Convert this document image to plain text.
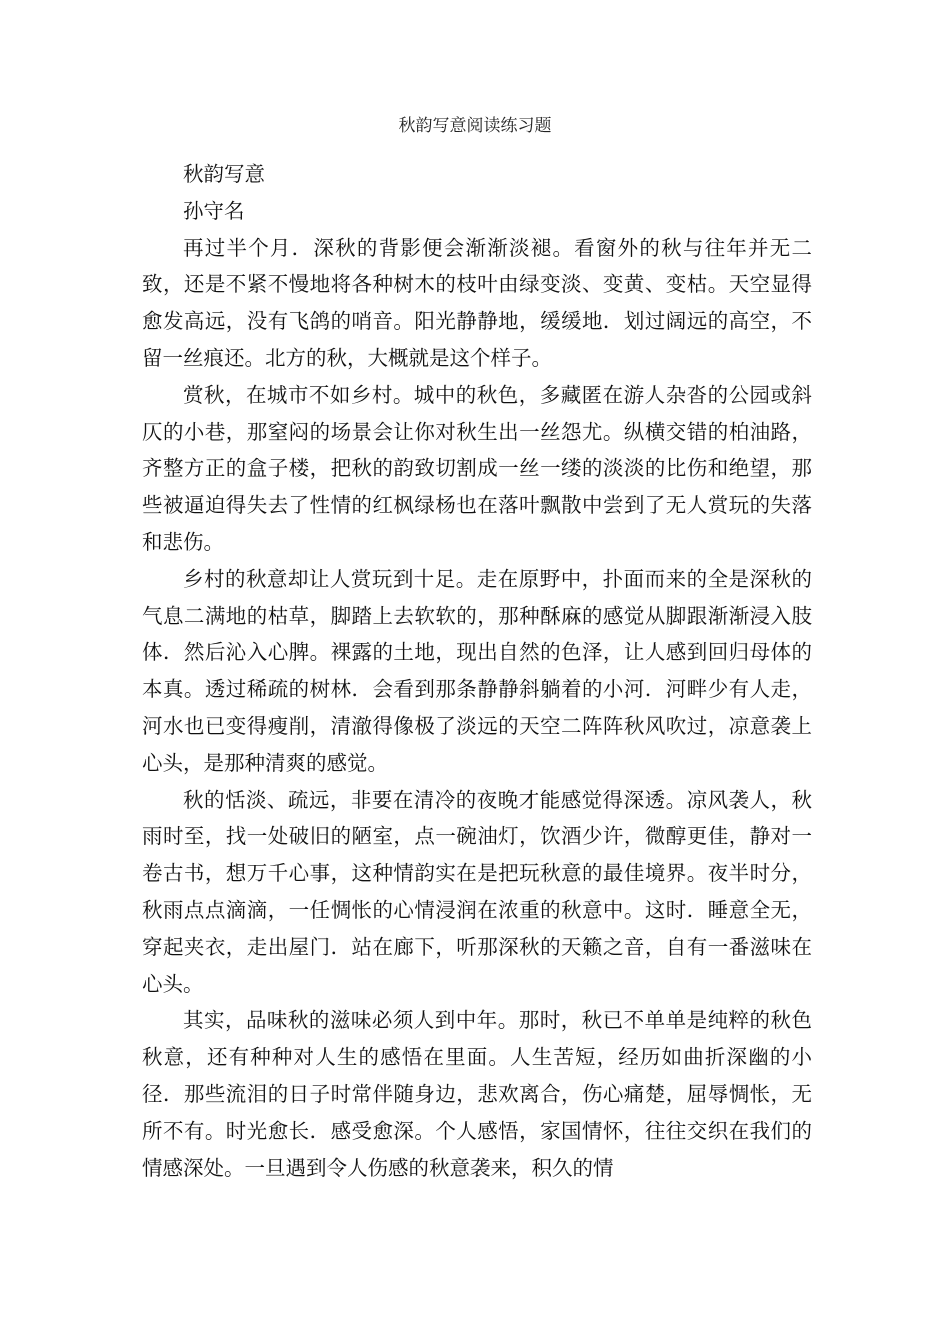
秋韵写意阅读练习题

秋韵写意

孙守名

再过半个月．深秋的背影便会渐渐淡褪。看窗外的秋与往年并无二致，还是不紧不慢地将各种树木的枝叶由绿变淡、变黄、变枯。天空显得愈发高远，没有飞鸽的哨音。阳光静静地，缓缓地．划过阔远的高空，不留一丝痕还。北方的秋，大概就是这个样子。

赏秋，在城市不如乡村。城中的秋色，多藏匿在游人杂沓的公园或斜仄的小巷，那窒闷的场景会让你对秋生出一丝怨尤。纵横交错的柏油路，齐整方正的盒子楼，把秋的韵致切割成一丝一缕的淡淡的比伤和绝望，那些被逼迫得失去了性情的红枫绿杨也在落叶飘散中尝到了无人赏玩的失落和悲伤。

乡村的秋意却让人赏玩到十足。走在原野中，扑面而来的全是深秋的气息二满地的枯草，脚踏上去软软的，那种酥麻的感觉从脚跟渐渐浸入肢体．然后沁入心脾。裸露的土地，现出自然的色泽，让人感到回归母体的本真。透过稀疏的树林．会看到那条静静斜躺着的小河．河畔少有人走，河水也已变得瘦削，清澈得像极了淡远的天空二阵阵秋风吹过，凉意袭上心头，是那种清爽的感觉。

秋的恬淡、疏远，非要在清冷的夜晚才能感觉得深透。凉风袭人，秋雨时至，找一处破旧的陋室，点一碗油灯，饮酒少许，微醇更佳，静对一卷古书，想万千心事，这种情韵实在是把玩秋意的最佳境界。夜半时分，秋雨点点滴滴，一任惆怅的心情浸润在浓重的秋意中。这时．睡意全无，穿起夹衣，走出屋门．站在廊下，听那深秋的天籁之音，自有一番滋味在心头。

其实，品味秋的滋味必须人到中年。那时，秋已不单单是纯粹的秋色秋意，还有种种对人生的感悟在里面。人生苦短，经历如曲折深幽的小径．那些流泪的日子时常伴随身边，悲欢离合，伤心痛楚，屈辱惆怅，无所不有。时光愈长．感受愈深。个人感悟，家国情怀，往往交织在我们的情感深处。一旦遇到令人伤感的秋意袭来，积久的情
